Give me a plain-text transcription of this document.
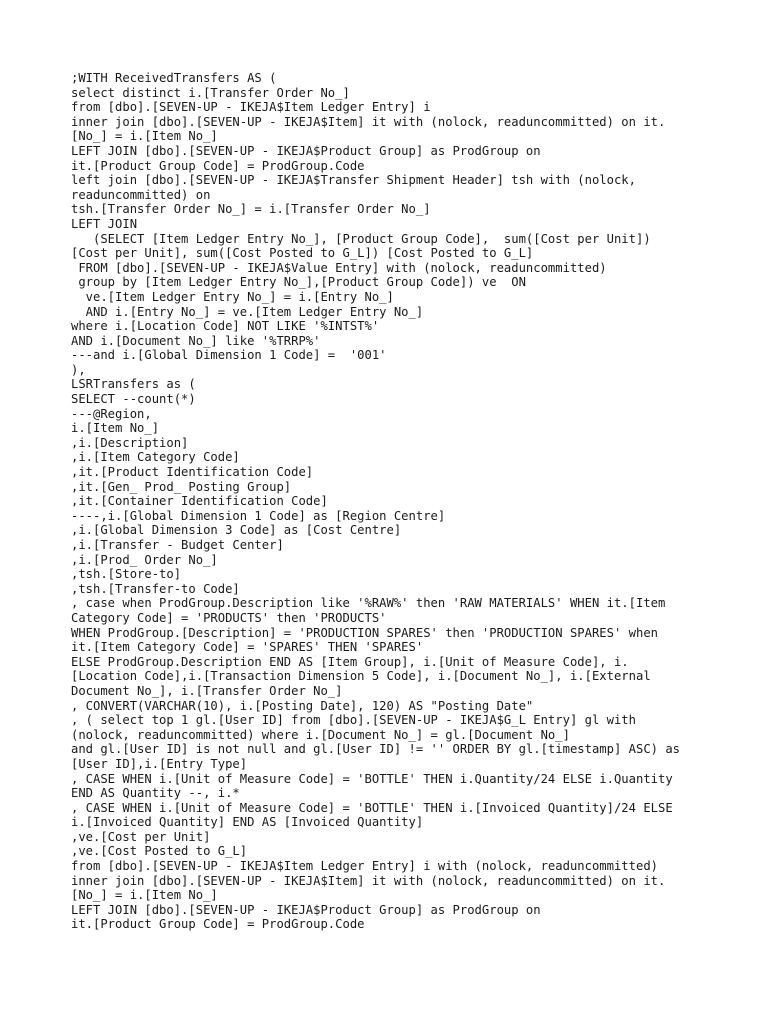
;WITH ReceivedTransfers AS (
select distinct i.[Transfer Order No_]
from [dbo].[SEVEN-UP - IKEJA$Item Ledger Entry] i
inner join [dbo].[SEVEN-UP - IKEJA$Item] it with (nolock, readuncommitted) on it.
[No_] = i.[Item No_]
LEFT JOIN [dbo].[SEVEN-UP - IKEJA$Product Group] as ProdGroup on
it.[Product Group Code] = ProdGroup.Code
left join [dbo].[SEVEN-UP - IKEJA$Transfer Shipment Header] tsh with (nolock,
readuncommitted) on
tsh.[Transfer Order No_] = i.[Transfer Order No_]
LEFT JOIN
(SELECT [Item Ledger Entry No_], [Product Group Code],  sum([Cost per Unit])
[Cost per Unit], sum([Cost Posted to G_L]) [Cost Posted to G_L]
FROM [dbo].[SEVEN-UP - IKEJA$Value Entry] with (nolock, readuncommitted)
group by [Item Ledger Entry No_],[Product Group Code]) ve  ON
ve.[Item Ledger Entry No_] = i.[Entry No_]
AND i.[Entry No_] = ve.[Item Ledger Entry No_]
where i.[Location Code] NOT LIKE '%INTST%'
AND i.[Document No_] like '%TRRP%'
---and i.[Global Dimension 1 Code] =  '001'
),
LSRTransfers as (
SELECT --count(*)
---@Region,
i.[Item No_]
,i.[Description]
,i.[Item Category Code]
,it.[Product Identification Code]
,it.[Gen_ Prod_ Posting Group]
,it.[Container Identification Code]
----,i.[Global Dimension 1 Code] as [Region Centre]
,i.[Global Dimension 3 Code] as [Cost Centre]
,i.[Transfer - Budget Center]
,i.[Prod_ Order No_]
,tsh.[Store-to]
,tsh.[Transfer-to Code]
, case when ProdGroup.Description like '%RAW%' then 'RAW MATERIALS' WHEN it.[Item
Category Code] = 'PRODUCTS' then 'PRODUCTS'
WHEN ProdGroup.[Description] = 'PRODUCTION SPARES' then 'PRODUCTION SPARES' when
it.[Item Category Code] = 'SPARES' THEN 'SPARES'
ELSE ProdGroup.Description END AS [Item Group], i.[Unit of Measure Code], i.
[Location Code],i.[Transaction Dimension 5 Code], i.[Document No_], i.[External
Document No_], i.[Transfer Order No_]
, CONVERT(VARCHAR(10), i.[Posting Date], 120) AS "Posting Date"
, ( select top 1 gl.[User ID] from [dbo].[SEVEN-UP - IKEJA$G_L Entry] gl with
(nolock, readuncommitted) where i.[Document No_] = gl.[Document No_]
and gl.[User ID] is not null and gl.[User ID] != '' ORDER BY gl.[timestamp] ASC) as
[User ID],i.[Entry Type]
, CASE WHEN i.[Unit of Measure Code] = 'BOTTLE' THEN i.Quantity/24 ELSE i.Quantity
END AS Quantity --, i.*
, CASE WHEN i.[Unit of Measure Code] = 'BOTTLE' THEN i.[Invoiced Quantity]/24 ELSE
i.[Invoiced Quantity] END AS [Invoiced Quantity]
,ve.[Cost per Unit]
,ve.[Cost Posted to G_L]
from [dbo].[SEVEN-UP - IKEJA$Item Ledger Entry] i with (nolock, readuncommitted)
inner join [dbo].[SEVEN-UP - IKEJA$Item] it with (nolock, readuncommitted) on it.
[No_] = i.[Item No_]
LEFT JOIN [dbo].[SEVEN-UP - IKEJA$Product Group] as ProdGroup on
it.[Product Group Code] = ProdGroup.Code
